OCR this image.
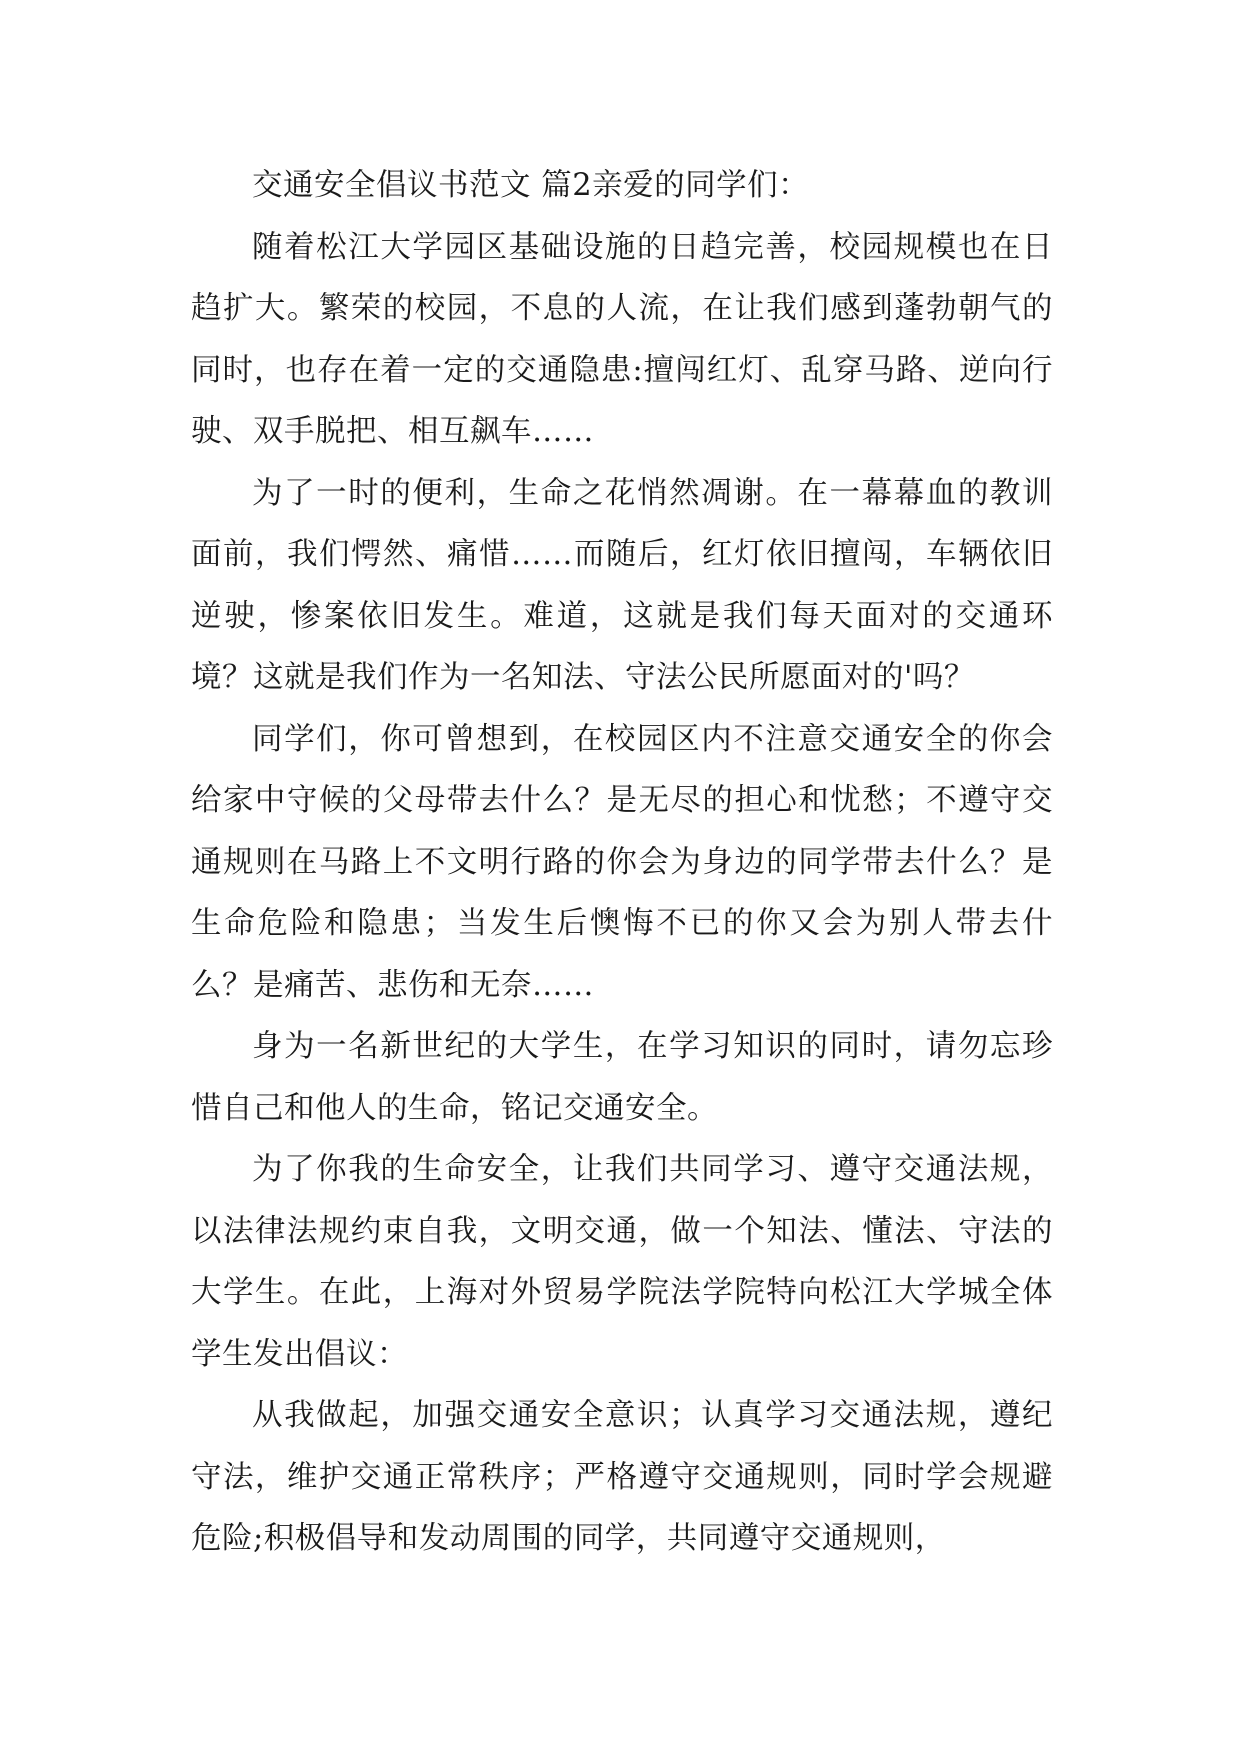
交通安全倡议书范文 篇2亲爱的同学们：

随着松江大学园区基础设施的日趋完善，校园规模也在日趋扩大。繁荣的校园，不息的人流，在让我们感到蓬勃朝气的同时，也存在着一定的交通隐患:擅闯红灯、乱穿马路、逆向行驶、双手脱把、相互飙车……

为了一时的便利，生命之花悄然凋谢。在一幕幕血的教训面前，我们愕然、痛惜……而随后，红灯依旧擅闯，车辆依旧逆驶，惨案依旧发生。难道，这就是我们每天面对的交通环境？这就是我们作为一名知法、守法公民所愿面对的'吗？

同学们，你可曾想到，在校园区内不注意交通安全的你会给家中守候的父母带去什么？是无尽的担心和忧愁；不遵守交通规则在马路上不文明行路的你会为身边的同学带去什么？是生命危险和隐患；当发生后懊悔不已的你又会为别人带去什么？是痛苦、悲伤和无奈……

身为一名新世纪的大学生，在学习知识的同时，请勿忘珍惜自己和他人的生命，铭记交通安全。

为了你我的生命安全，让我们共同学习、遵守交通法规，以法律法规约束自我，文明交通，做一个知法、懂法、守法的大学生。在此，上海对外贸易学院法学院特向松江大学城全体学生发出倡议：

从我做起，加强交通安全意识；认真学习交通法规，遵纪守法，维护交通正常秩序；严格遵守交通规则，同时学会规避危险;积极倡导和发动周围的同学，共同遵守交通规则，
